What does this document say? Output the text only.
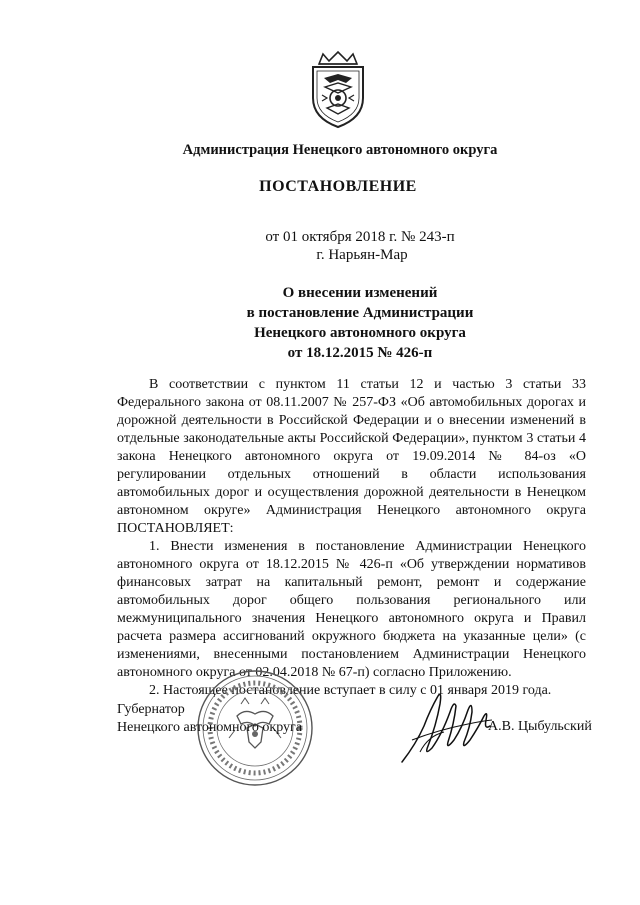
Администрация Ненецкого автономного округа
ПОСТАНОВЛЕНИЕ
от 01 октября 2018 г. № 243-п
г. Нарьян-Мар
О внесении изменений
в постановление Администрации
Ненецкого автономного округа
от 18.12.2015 № 426-п

В соответствии с пунктом 11 статьи 12 и частью 3 статьи 33 Федерального закона от 08.11.2007 № 257-ФЗ «Об автомобильных дорогах и дорожной деятельности в Российской Федерации и о внесении изменений в отдельные законодательные акты Российской Федерации», пунктом 3 статьи 4 закона Ненецкого автономного округа от 19.09.2014 № 84-оз «О регулировании отдельных отношений в области использования автомобильных дорог и осуществления дорожной деятельности в Ненецком автономном округе» Администрация Ненецкого автономного округа ПОСТАНОВЛЯЕТ:

1. Внести изменения в постановление Администрации Ненецкого автономного округа от 18.12.2015 № 426-п «Об утверждении нормативов финансовых затрат на капитальный ремонт, ремонт и содержание автомобильных дорог общего пользования регионального или межмуниципального значения Ненецкого автономного округа и Правил расчета размера ассигнований окружного бюджета на указанные цели» (с изменениями, внесенными постановлением Администрации Ненецкого автономного округа от 02.04.2018 № 67-п) согласно Приложению.

2. Настоящее постановление вступает в силу с 01 января 2019 года.

Губернатор
Ненецкого автономного округа	А.В. Цыбульский
